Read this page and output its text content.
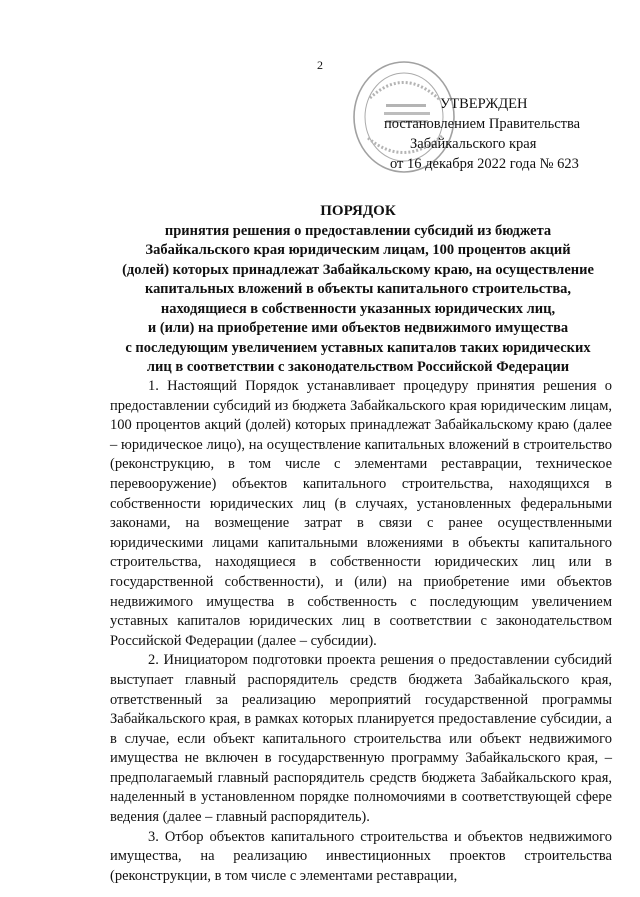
2
УТВЕРЖДЕН
постановлением Правительства
Забайкальского края
от 16 декабря 2022 года № 623
ПОРЯДОК
принятия решения о предоставлении субсидий из бюджета
Забайкальского края юридическим лицам, 100 процентов акций
(долей) которых принадлежат Забайкальскому краю, на осуществление
капитальных вложений в объекты капитального строительства,
находящиеся в собственности указанных юридических лиц,
и (или) на приобретение ими объектов недвижимого имущества
с последующим увеличением уставных капиталов таких юридических
лиц в соответствии с законодательством Российской Федерации

1. Настоящий Порядок устанавливает процедуру принятия решения о предоставлении субсидий из бюджета Забайкальского края юридическим лицам, 100 процентов акций (долей) которых принадлежат Забайкальскому краю (далее – юридическое лицо), на осуществление капитальных вложений в строительство (реконструкцию, в том числе с элементами реставрации, техническое перевооружение) объектов капитального строительства, находящихся в собственности юридических лиц (в случаях, установленных федеральными законами, на возмещение затрат в связи с ранее осуществленными юридическими лицами капитальными вложениями в объекты капитального строительства, находящиеся в собственности юридических лиц или в государственной собственности), и (или) на приобретение ими объектов недвижимого имущества в собственность с последующим увеличением уставных капиталов юридических лиц в соответствии с законодательством Российской Федерации (далее – субсидии).

2. Инициатором подготовки проекта решения о предоставлении субсидий выступает главный распорядитель средств бюджета Забайкальского края, ответственный за реализацию мероприятий государственной программы Забайкальского края, в рамках которых планируется предоставление субсидии, а в случае, если объект капитального строительства или объект недвижимого имущества не включен в государственную программу Забайкальского края, – предполагаемый главный распорядитель средств бюджета Забайкальского края, наделенный в установленном порядке полномочиями в соответствующей сфере ведения (далее – главный распорядитель).

3. Отбор объектов капитального строительства и объектов недвижимого имущества, на реализацию инвестиционных проектов строительства (реконструкции, в том числе с элементами реставрации,
